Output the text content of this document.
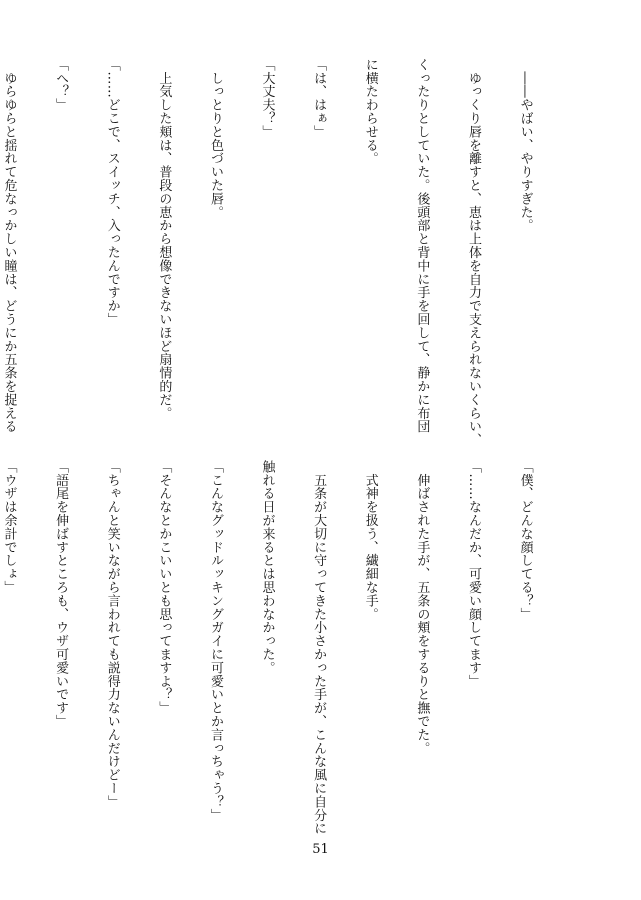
　――やばい、やりすぎた。

　ゆっくり唇を離すと、恵は上体を自力で支えられないくらい、

くったりとしていた。後頭部と背中に手を回して、静かに布団

に横たわらせる。

「は、はぁ」

「大丈夫？」

　しっとりと色づいた唇。

　上気した頬は、普段の恵から想像できないほど扇情的だ。

「……どこで、スイッチ、入ったんですか」

「へ？」

　ゆらゆらと揺れて危なっかしい瞳は、どうにか五条を捉える

「僕、どんな顔してる？」

「……なんだか、可愛い顔してます」

　伸ばされた手が、五条の頬をするりと撫でた。

　式神を扱う、繊細な手。

　五条が大切に守ってきた小さかった手が、こんな風に自分に

触れる日が来るとは思わなかった。

「こんなグッドルッキングガイに可愛いとか言っちゃう？」

「そんなとかこいいとも思ってますよ？」

「ちゃんと笑いながら言われても説得力ないんだけどー」

「語尾を伸ばすところも、ウザ可愛いです」

「ウザは余計でしょ」

51
